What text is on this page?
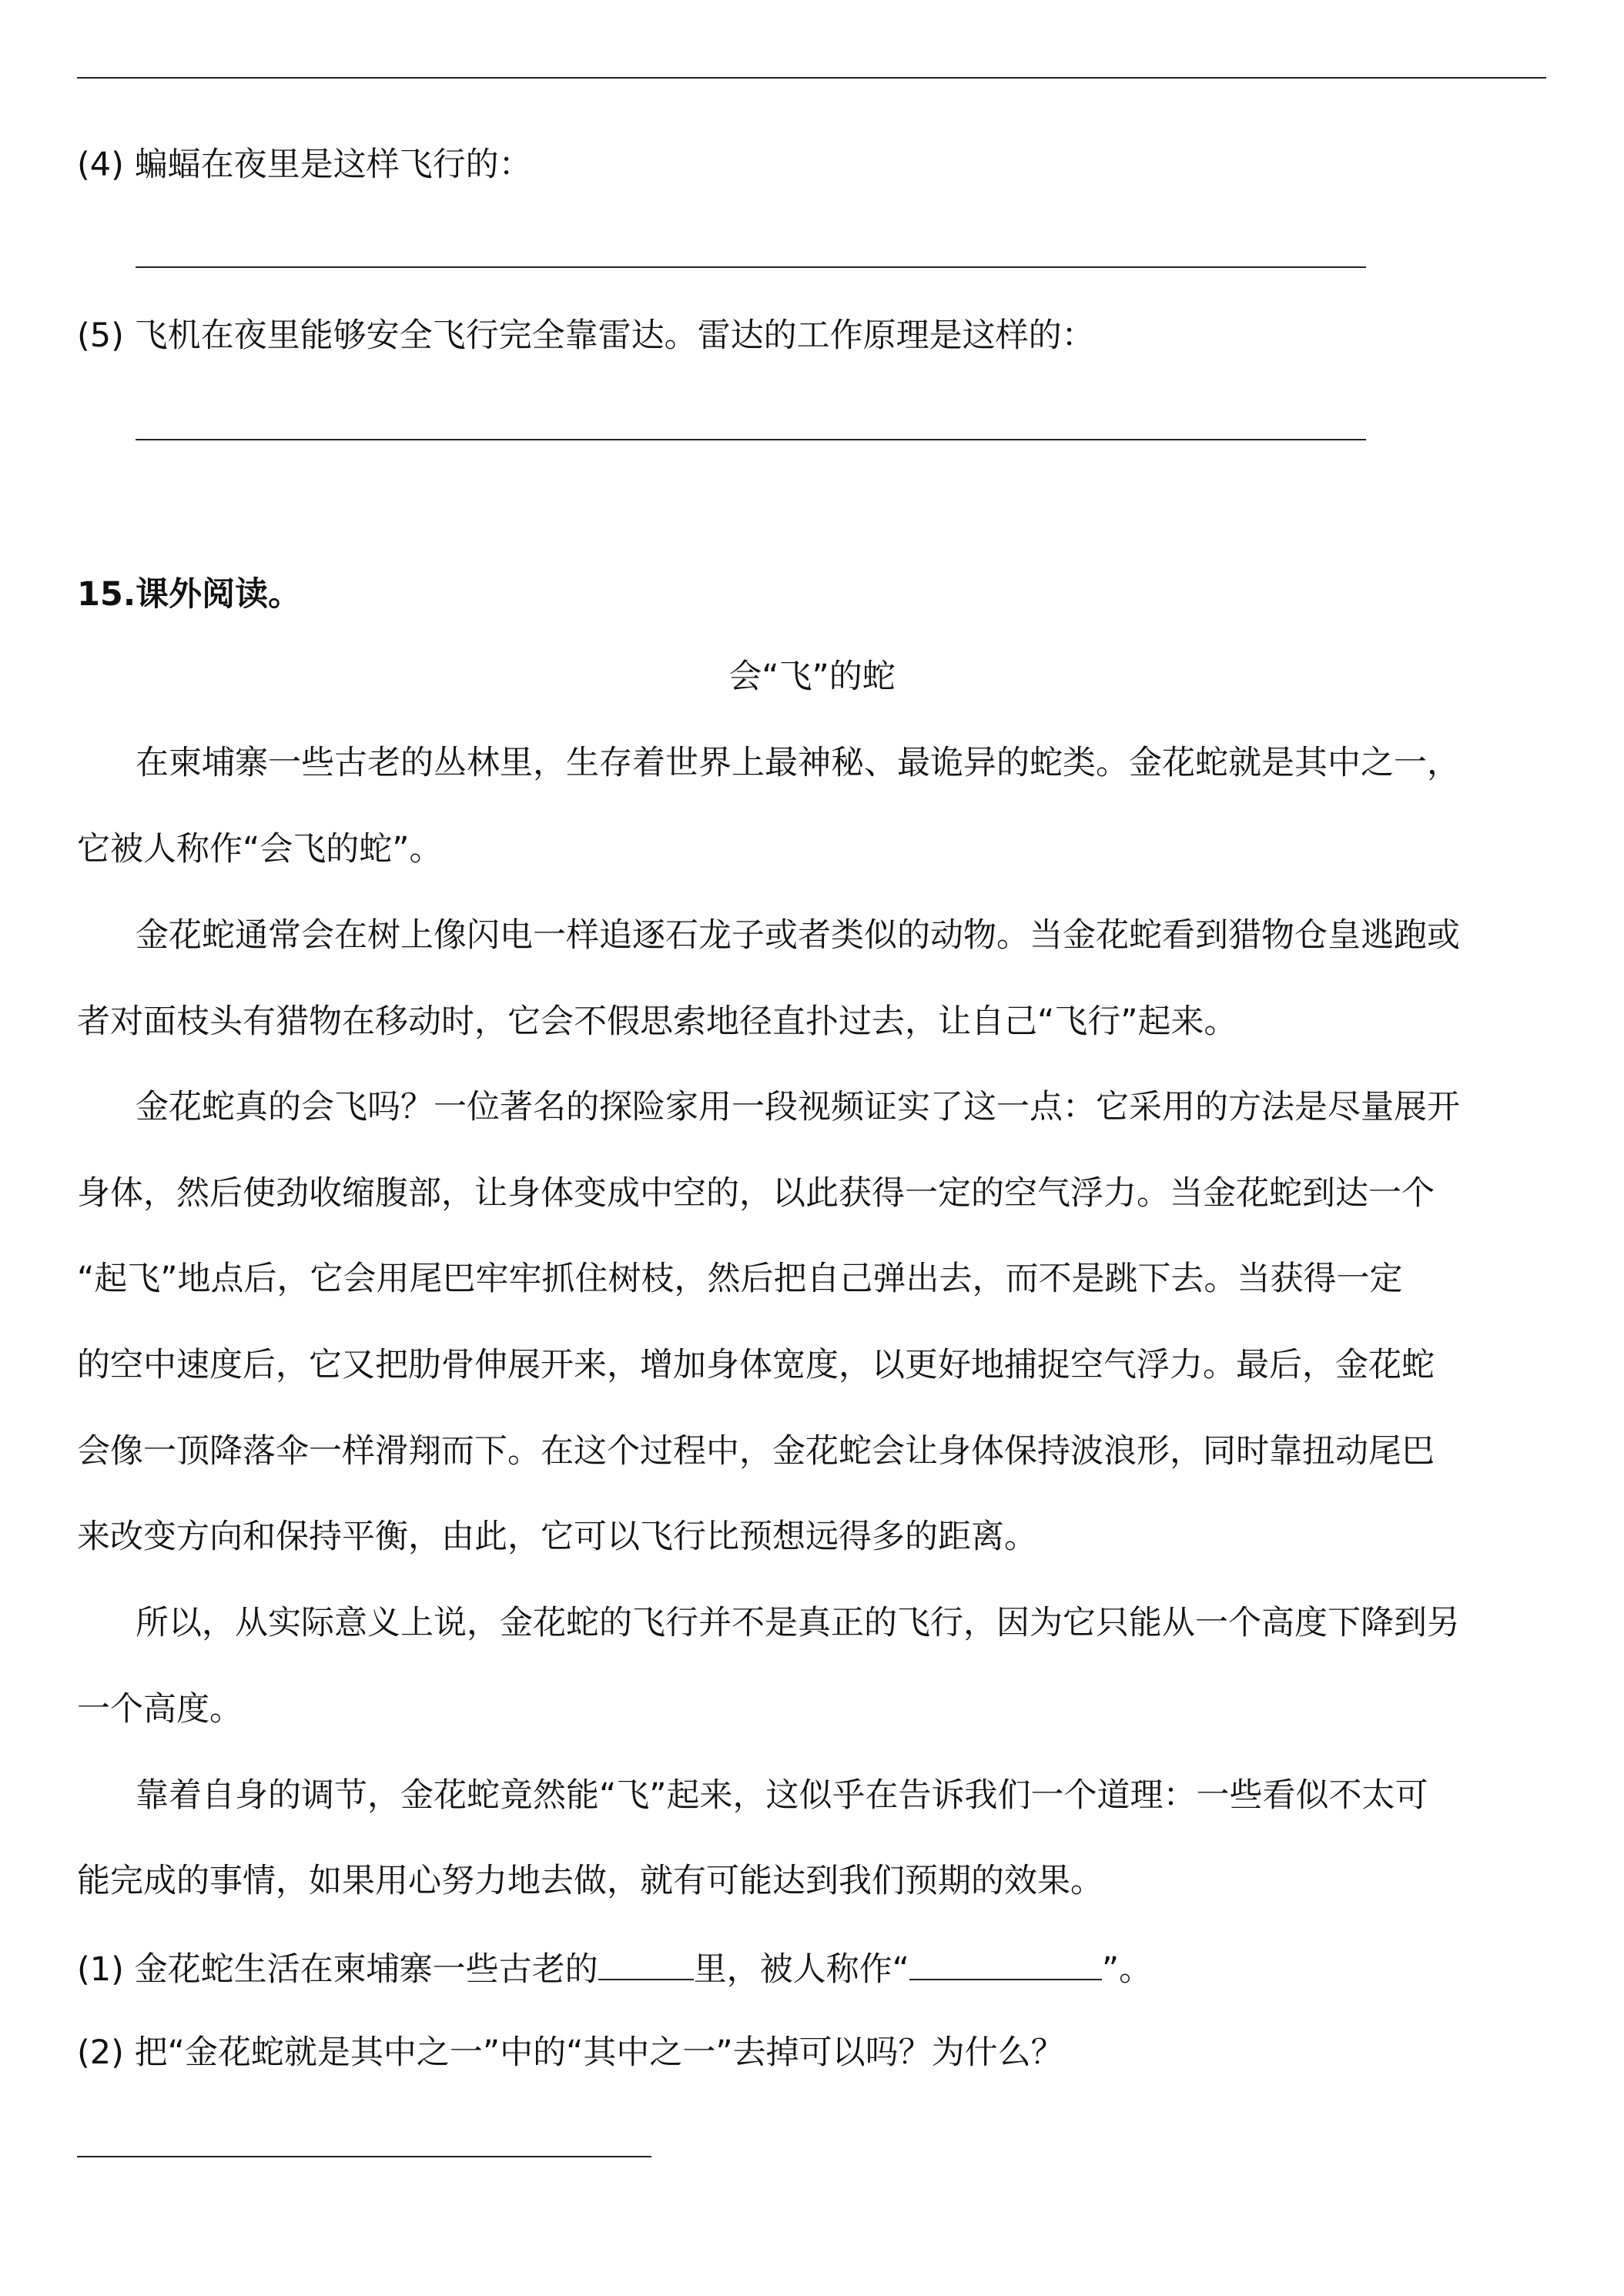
(4) 蝙蝠在夜里是这样飞行的：
(5) 飞机在夜里能够安全飞行完全靠雷达。雷达的工作原理是这样的：
15.课外阅读。
会“飞”的蛇
在柬埔寨一些古老的丛林里，生存着世界上最神秘、最诡异的蛇类。金花蛇就是其中之一，
它被人称作“会飞的蛇”。
金花蛇通常会在树上像闪电一样追逐石龙子或者类似的动物。当金花蛇看到猎物仓皇逃跑或
者对面枝头有猎物在移动时，它会不假思索地径直扑过去，让自己“飞行”起来。
金花蛇真的会飞吗？一位著名的探险家用一段视频证实了这一点：它采用的方法是尽量展开
身体，然后使劲收缩腹部，让身体变成中空的，以此获得一定的空气浮力。当金花蛇到达一个
“起飞”地点后，它会用尾巴牢牢抓住树枝，然后把自己弹出去，而不是跳下去。当获得一定
的空中速度后，它又把肋骨伸展开来，增加身体宽度，以更好地捕捉空气浮力。最后，金花蛇
会像一顶降落伞一样滑翔而下。在这个过程中，金花蛇会让身体保持波浪形，同时靠扭动尾巴
来改变方向和保持平衡，由此，它可以飞行比预想远得多的距离。
所以，从实际意义上说，金花蛇的飞行并不是真正的飞行，因为它只能从一个高度下降到另
一个高度。
靠着自身的调节，金花蛇竟然能“飞”起来，这似乎在告诉我们一个道理：一些看似不太可
能完成的事情，如果用心努力地去做，就有可能达到我们预期的效果。
(1) 金花蛇生活在柬埔寨一些古老的	里，被人称作“	”。
(2) 把“金花蛇就是其中之一”中的“其中之一”去掉可以吗？为什么？
